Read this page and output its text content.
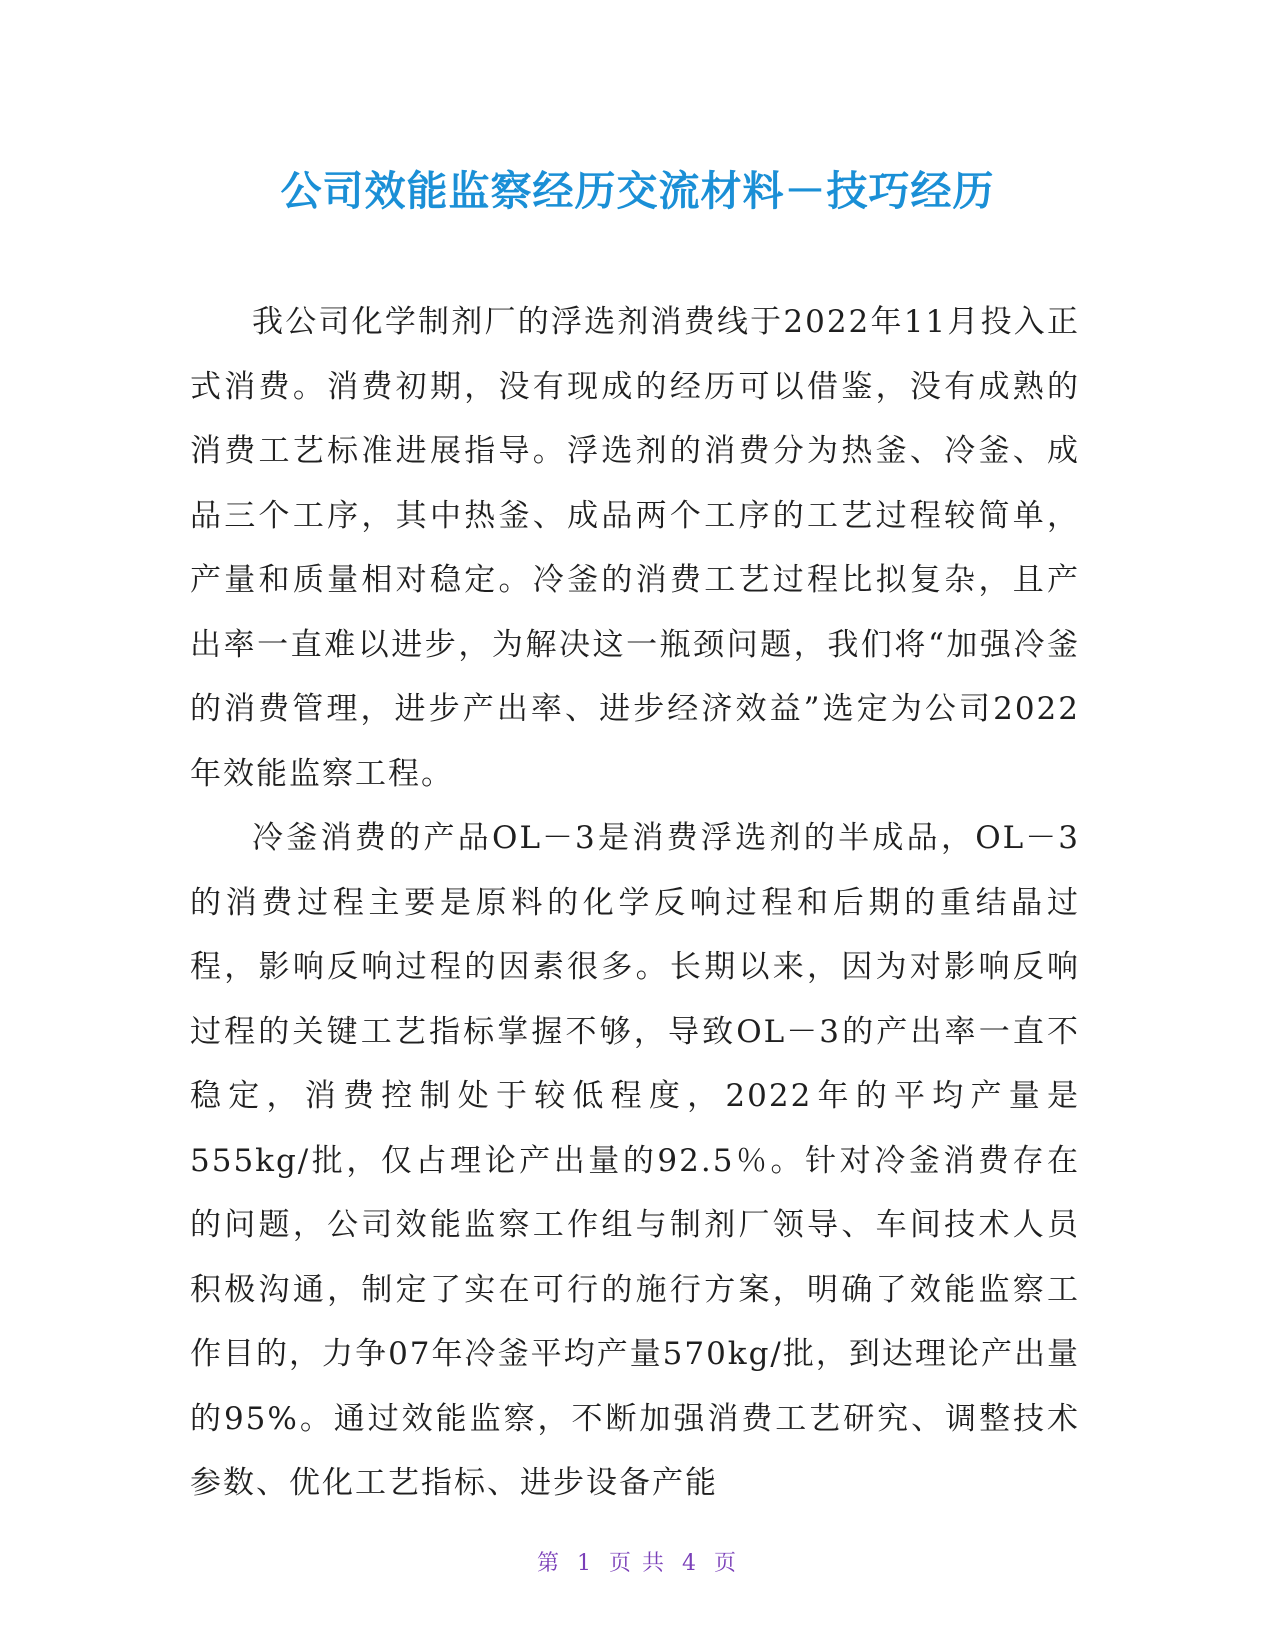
公司效能监察经历交流材料－技巧经历

我公司化学制剂厂的浮选剂消费线于2022年11月投入正式消费。消费初期，没有现成的经历可以借鉴，没有成熟的消费工艺标准进展指导。浮选剂的消费分为热釜、冷釜、成品三个工序，其中热釜、成品两个工序的工艺过程较简单，产量和质量相对稳定。冷釜的消费工艺过程比拟复杂，且产出率一直难以进步，为解决这一瓶颈问题，我们将“加强冷釜的消费管理，进步产出率、进步经济效益”选定为公司2022年效能监察工程。

冷釜消费的产品OL－3是消费浮选剂的半成品，OL－3的消费过程主要是原料的化学反响过程和后期的重结晶过程，影响反响过程的因素很多。长期以来，因为对影响反响过程的关键工艺指标掌握不够，导致OL－3的产出率一直不稳定，消费控制处于较低程度，2022年的平均产量是555kg/批，仅占理论产出量的92.5％。针对冷釜消费存在的问题，公司效能监察工作组与制剂厂领导、车间技术人员积极沟通，制定了实在可行的施行方案，明确了效能监察工作目的，力争07年冷釜平均产量570kg/批，到达理论产出量的95%。通过效能监察，不断加强消费工艺研究、调整技术参数、优化工艺指标、进步设备产能

第 1 页 共 4 页
